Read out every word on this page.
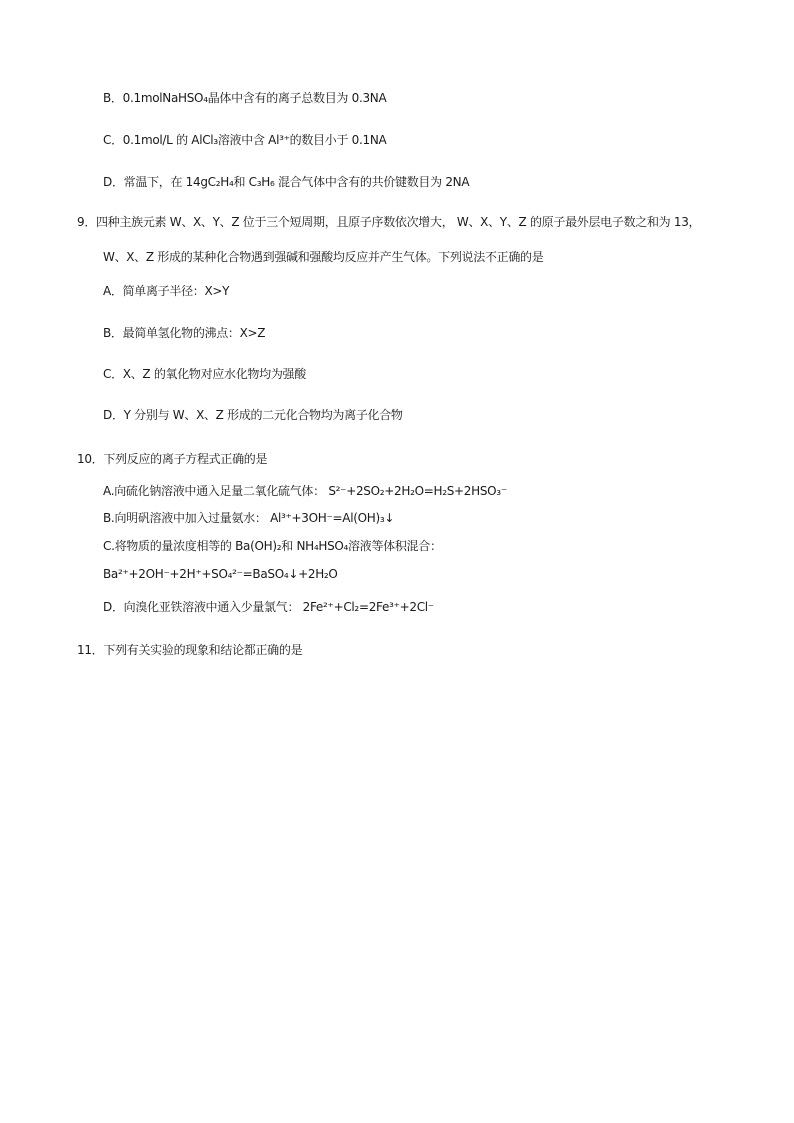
B．0.1molNaHSO₄晶体中含有的离子总数目为 0.3NA
C．0.1mol/L 的 AlCl₃溶液中含 Al³⁺的数目小于 0.1NA
D．常温下，在 14gC₂H₄和 C₃H₆ 混合气体中含有的共价键数目为 2NA
9．四种主族元素 W、X、Y、Z 位于三个短周期，且原子序数依次增大， W、X、Y、Z 的原子最外层电子数之和为 13，
W、X、Z 形成的某种化合物遇到强碱和强酸均反应并产生气体。下列说法不正确的是
A．简单离子半径：X>Y
B．最简单氢化物的沸点：X>Z
C．X、Z 的氧化物对应水化物均为强酸
D．Y 分别与 W、X、Z 形成的二元化合物均为离子化合物
10．下列反应的离子方程式正确的是
A.向硫化钠溶液中通入足量二氧化硫气体： S²⁻+2SO₂+2H₂O=H₂S+2HSO₃⁻
B.向明矾溶液中加入过量氨水： Al³⁺+3OH⁻=Al(OH)₃↓
C.将物质的量浓度相等的 Ba(OH)₂和 NH₄HSO₄溶液等体积混合：
Ba²⁺+2OH⁻+2H⁺+SO₄²⁻=BaSO₄↓+2H₂O
D．向溴化亚铁溶液中通入少量氯气： 2Fe²⁺+Cl₂=2Fe³⁺+2Cl⁻
11．下列有关实验的现象和结论都正确的是
